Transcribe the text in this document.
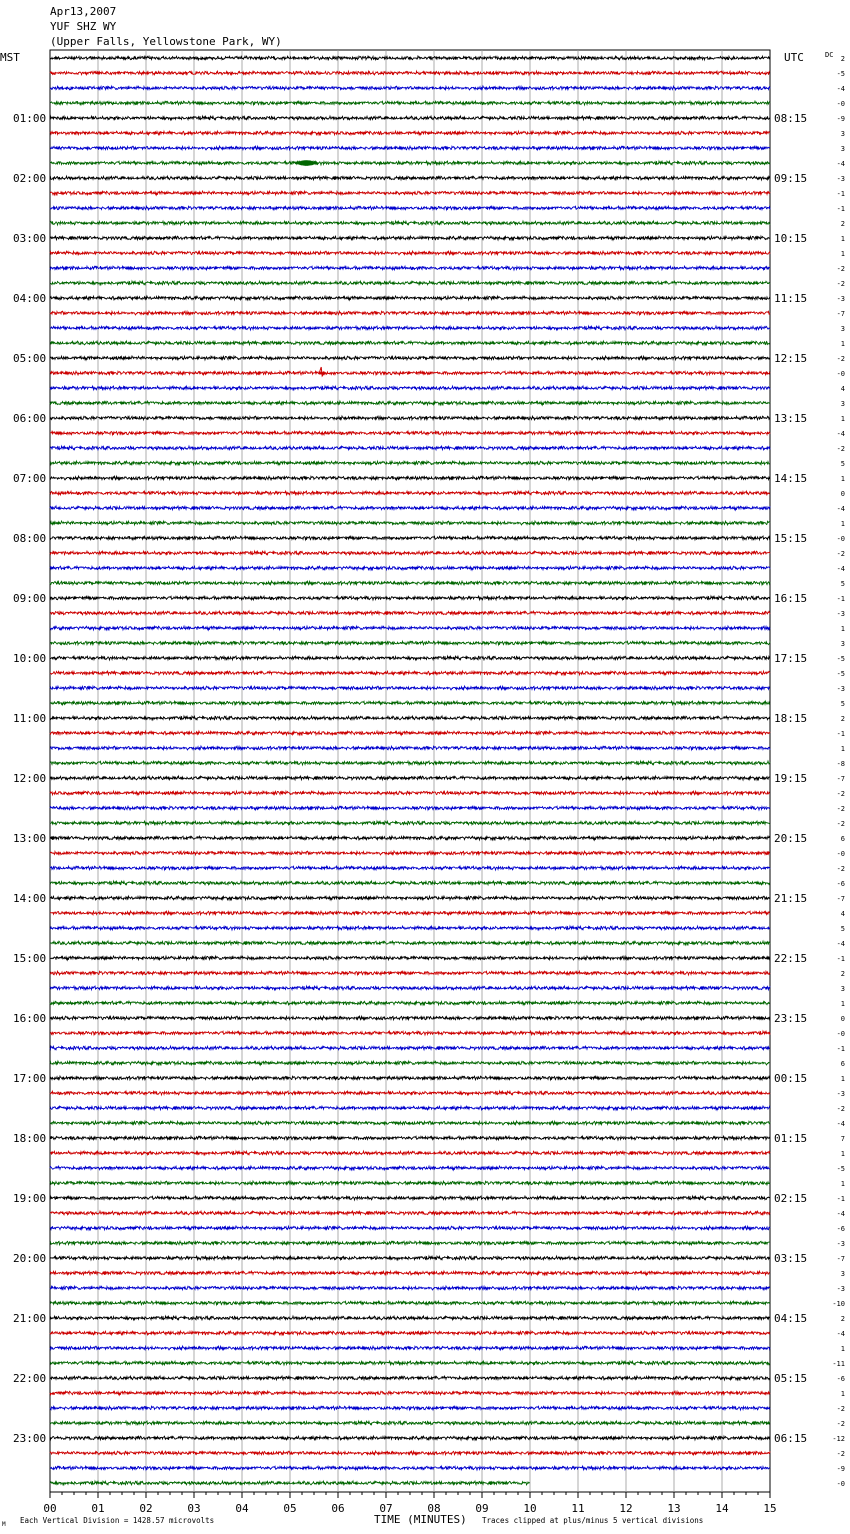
Apr13,2007
YUF SHZ WY
(Upper Falls, Yellowstone Park, WY)
01:00
02:00
03:00
04:00
05:00
06:00
07:00
08:00
09:00
10:00
11:00
12:00
13:00
14:00
15:00
16:00
17:00
18:00
19:00
20:00
21:00
22:00
23:00
08:15
09:15
10:15
11:15
12:15
13:15
14:15
15:15
16:15
17:15
18:15
19:15
20:15
21:15
22:15
23:15
00:15
01:15
02:15
03:15
04:15
05:15
06:15
2
-5
-4
-0
-9
3
3
-4
-3
-1
-1
2
1
1
-2
-2
-3
-7
3
1
-2
-0
4
3
1
-4
-2
5
1
0
-4
1
-0
-2
-4
5
-1
-3
1
3
-5
-5
-3
5
2
-1
1
-8
-7
-2
-2
-2
6
-0
-2
-6
-7
4
5
-4
-1
2
3
1
0
-0
-1
6
1
-3
-2
-4
7
1
-5
1
-1
-4
-6
-3
-7
3
-3
-10
2
-4
1
-11
-6
1
-2
-2
-12
-2
-9
-0
00	01	02	03	04	05	06	07	08	09	10	11	12	13	14	15
MST	UTC	DC
TIME (MINUTES)
Each Vertical Division = 1428.57 microvolts	Traces clipped at plus/minus 5 vertical divisions
M
